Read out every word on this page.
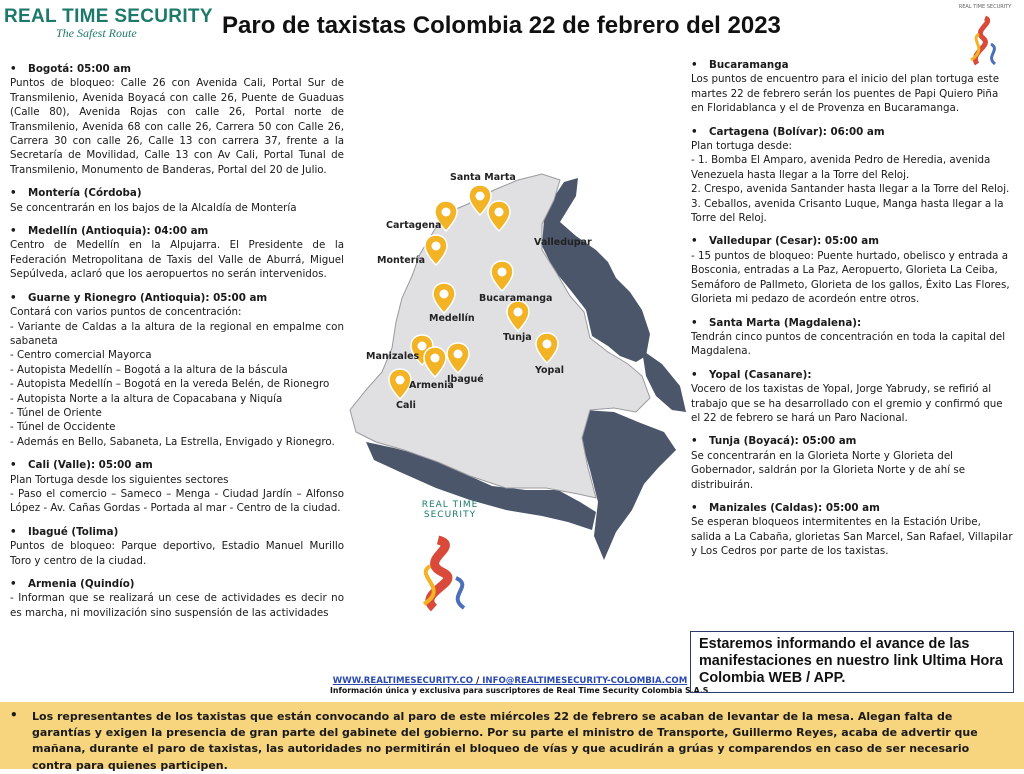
REAL TIME SECURITY
The Safest Route	Paro de taxistas Colombia 22 de febrero del 2023
REAL TIME SECURITY
• Bogotá: 05:00 am
Puntos de bloqueo: Calle 26 con Avenida Cali, Portal Sur de Transmilenio, Avenida Boyacá con calle 26, Puente de Guaduas (Calle 80), Avenida Rojas con calle 26, Portal norte de Transmilenio, Avenida 68 con calle 26, Carrera 50 con Calle 26, Carrera 30 con calle 26, Calle 13 con carrera 37, frente a la Secretaría de Movilidad, Calle 13 con Av Cali, Portal Tunal de Transmilenio, Monumento de Banderas, Portal del 20 de Julio.
• Montería (Córdoba)
Se concentrarán en los bajos de la Alcaldía de Montería
• Medellín (Antioquia): 04:00 am
Centro de Medellín en la Alpujarra. El Presidente de la Federación Metropolitana de Taxis del Valle de Aburrá, Miguel Sepúlveda, aclaró que los aeropuertos no serán intervenidos.
• Guarne y Rionegro (Antioquia): 05:00 am
Contará con varios puntos de concentración:
- Variante de Caldas a la altura de la regional en empalme con sabaneta
- Centro comercial Mayorca
- Autopista Medellín – Bogotá a la altura de la báscula
- Autopista Medellín – Bogotá en la vereda Belén, de Rionegro
- Autopista Norte a la altura de Copacabana y Niquía
- Túnel de Oriente
- Túnel de Occidente
- Además en Bello, Sabaneta, La Estrella, Envigado y Rionegro.
• Cali (Valle): 05:00 am
Plan Tortuga desde los siguientes sectores
- Paso el comercio – Sameco – Menga - Ciudad Jardín – Alfonso López - Av. Cañas Gordas - Portada al mar - Centro de la ciudad.
• Ibagué (Tolima)
Puntos de bloqueo: Parque deportivo, Estadio Manuel Murillo Toro y centro de la ciudad.
• Armenia (Quindío)
- Informan que se realizará un cese de actividades es decir no es marcha, ni movilización sino suspensión de las actividades
• Bucaramanga
Los puntos de encuentro para el inicio del plan tortuga este martes 22 de febrero serán los puentes de Papi Quiero Piña en Floridablanca y el de Provenza en Bucaramanga.
• Cartagena (Bolívar): 06:00 am
Plan tortuga desde:
- 1. Bomba El Amparo, avenida Pedro de Heredia, avenida Venezuela hasta llegar a la Torre del Reloj.
2. Crespo, avenida Santander hasta llegar a la Torre del Reloj.
3. Ceballos, avenida Crisanto Luque, Manga hasta llegar a la Torre del Reloj.
• Valledupar (Cesar): 05:00 am
- 15 puntos de bloqueo: Puente hurtado, obelisco y entrada a Bosconia, entradas a La Paz, Aeropuerto, Glorieta La Ceiba, Semáforo de Pallmeto, Glorieta de los gallos, Éxito Las Flores, Glorieta mi pedazo de acordeón entre otros.
• Santa Marta (Magdalena):
Tendrán cinco puntos de concentración en toda la capital del Magdalena.
• Yopal (Casanare):
Vocero de los taxistas de Yopal, Jorge Yabrudy, se refirió al trabajo que se ha desarrollado con el gremio y confirmó que el 22 de febrero se hará un Paro Nacional.
• Tunja (Boyacá): 05:00 am
Se concentrarán en la Glorieta Norte y Glorieta del Gobernador, saldrán por la Glorieta Norte y de ahí se distribuirán.
• Manizales (Caldas): 05:00 am
Se esperan bloqueos intermitentes en la Estación Uribe, salida a La Cabaña, glorietas San Marcel, San Rafael, Villapilar y Los Cedros por parte de los taxistas.
Santa Marta
Cartagena
Valledupar
Montería
Bucaramanga
Medellín
Tunja
Manizales
Ibagué
Yopal
Armenia
Cali
REAL TIME SECURITY
WWW.REALTIMESECURITY.CO / INFO@REALTIMESECURITY-COLOMBIA.COM
Información única y exclusiva para suscriptores de Real Time Security Colombia S.A.S
Estaremos informando el avance de las manifestaciones en nuestro link Ultima Hora Colombia WEB / APP.
• Los representantes de los taxistas que están convocando al paro de este miércoles 22 de febrero se acaban de levantar de la mesa. Alegan falta de garantías y exigen la presencia de gran parte del gabinete del gobierno. Por su parte el ministro de Transporte, Guillermo Reyes, acaba de advertir que mañana, durante el paro de taxistas, las autoridades no permitirán el bloqueo de vías y que acudirán a grúas y comparendos en caso de ser necesario contra para quienes participen.
